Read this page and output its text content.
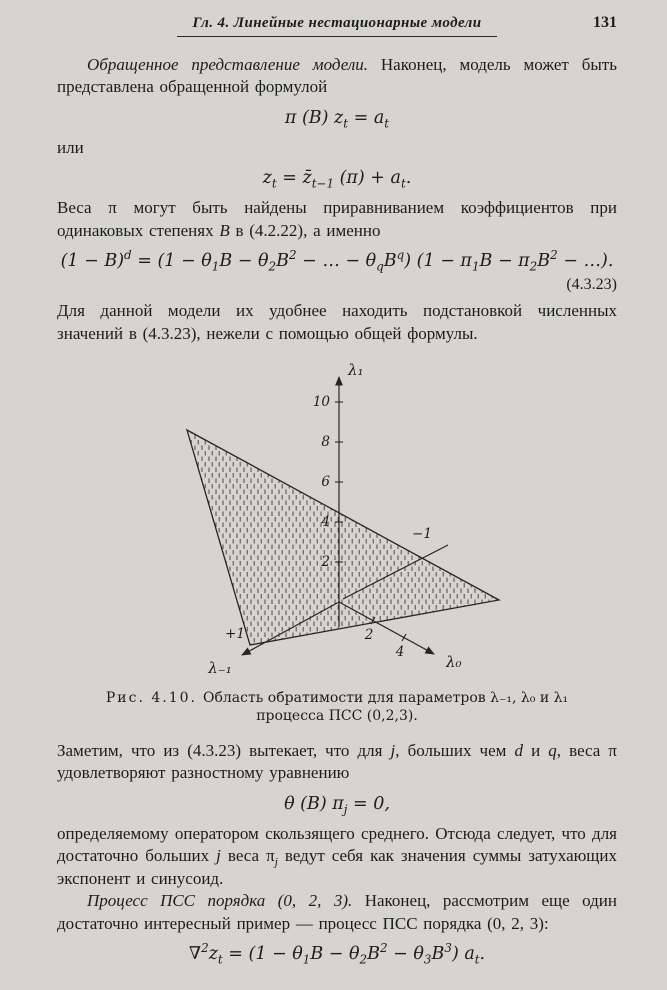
Гл. 4. Линейные нестационарные модели	131

Обращенное представление модели. Наконец, модель может быть представлена обращенной формулой

π (B) $z_t = a_t$

или

$z_t$ = $z̄_{t-1}$ $(\pi) + a_t$.

Веса π могут быть найдены приравниванием коэффициентов при одинаковых степенях B в (4.2.22), а именно

$(1 - B)^d = (1 - \theta_1B - \theta_2B^2$ − … − $\theta_qB^q$) ($1 - \pi_1B - \pi_2B^2$ − …).
(4.3.23)

Для данной модели их удобнее находить подстановкой численных значений в (4.3.23), нежели с помощью общей формулы.

λ₁
10
8
6
4
2
λ₀
2
4
λ₋₁
+1
−1
Рис. 4.10. Область обратимости для параметров λ₋₁, λ₀ и λ₁ процесса ПСС (0,2,3).

Заметим, что из (4.3.23) вытекает, что для j, больших чем d и q, веса π удовлетворяют разностному уравнению

θ (B) $\pi_j = 0$,

определяемому оператором скользящего среднего. Отсюда следует, что для достаточно больших j веса $\pi_j$ ведут себя как значения суммы затухающих экспонент и синусоид.

Процесс ПСС порядка (0, 2, 3). Наконец, рассмотрим еще один достаточно интересный пример — процесс ПСС порядка (0, 2, 3):

$\nabla^2z_t = (1 - \theta_1B - \theta_2B^2 - \theta_3B^3)$ $a_t$.
